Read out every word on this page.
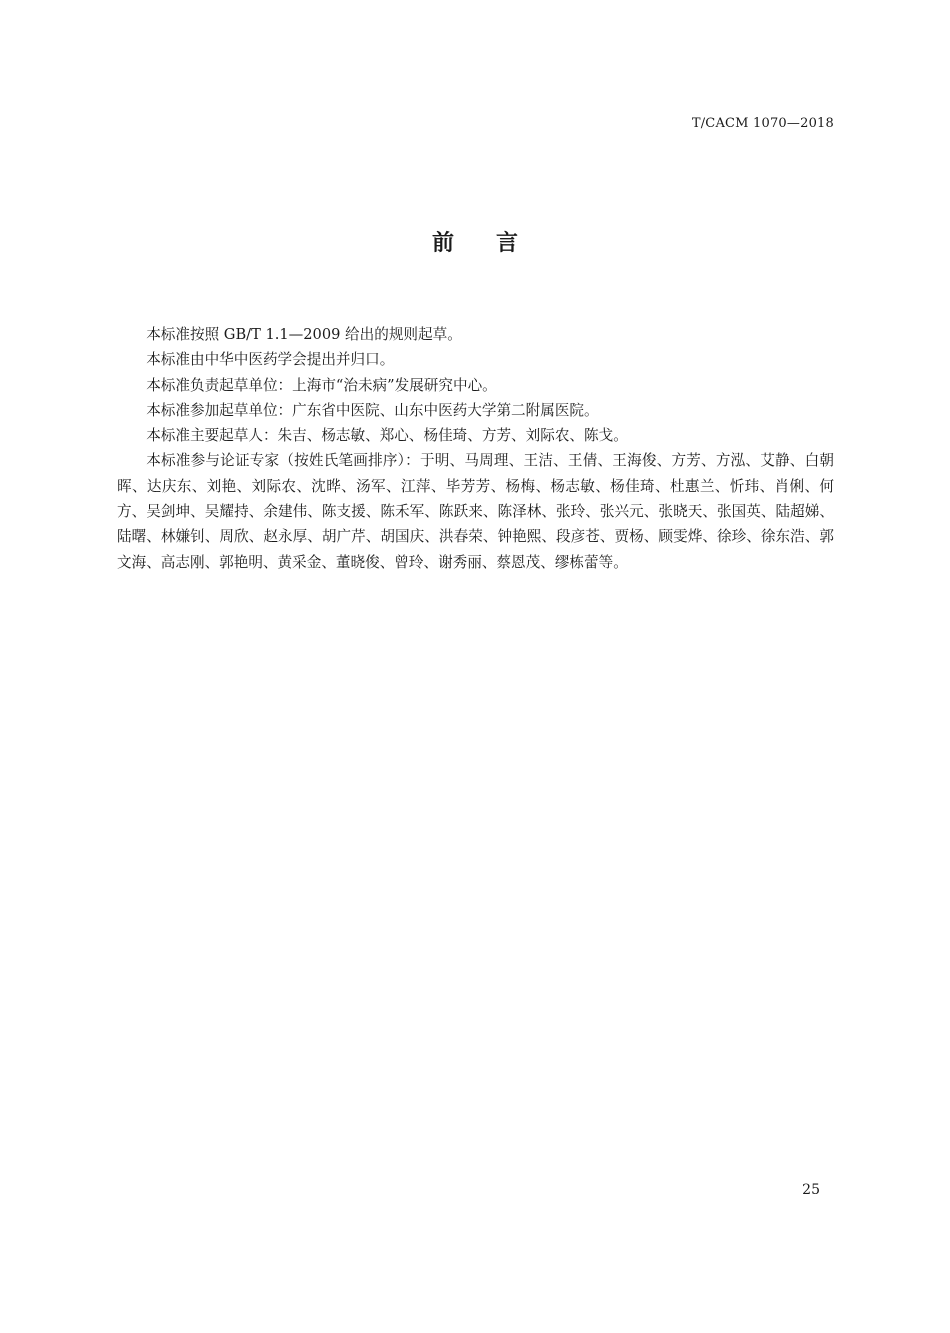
T/CACM 1070—2018
前 言

本标准按照 GB/T 1.1—2009 给出的规则起草。

本标准由中华中医药学会提出并归口。

本标准负责起草单位：上海市“治未病”发展研究中心。

本标准参加起草单位：广东省中医院、山东中医药大学第二附属医院。

本标准主要起草人：朱吉、杨志敏、郑心、杨佳琦、方芳、刘际农、陈戈。

本标准参与论证专家（按姓氏笔画排序）：于明、马周理、王洁、王倩、王海俊、方芳、方泓、艾静、白朝晖、达庆东、刘艳、刘际农、沈晔、汤军、江萍、毕芳芳、杨梅、杨志敏、杨佳琦、杜惠兰、忻玮、肖俐、何方、吴剑坤、吴耀持、余建伟、陈支援、陈禾军、陈跃来、陈泽林、张玲、张兴元、张晓天、张国英、陆超娣、陆曙、林嫌钊、周欣、赵永厚、胡广芹、胡国庆、洪春荣、钟艳熙、段彦苍、贾杨、顾雯烨、徐珍、徐东浩、郭文海、高志刚、郭艳明、黄采金、董晓俊、曾玲、谢秀丽、蔡恩茂、缪栋蕾等。

25
